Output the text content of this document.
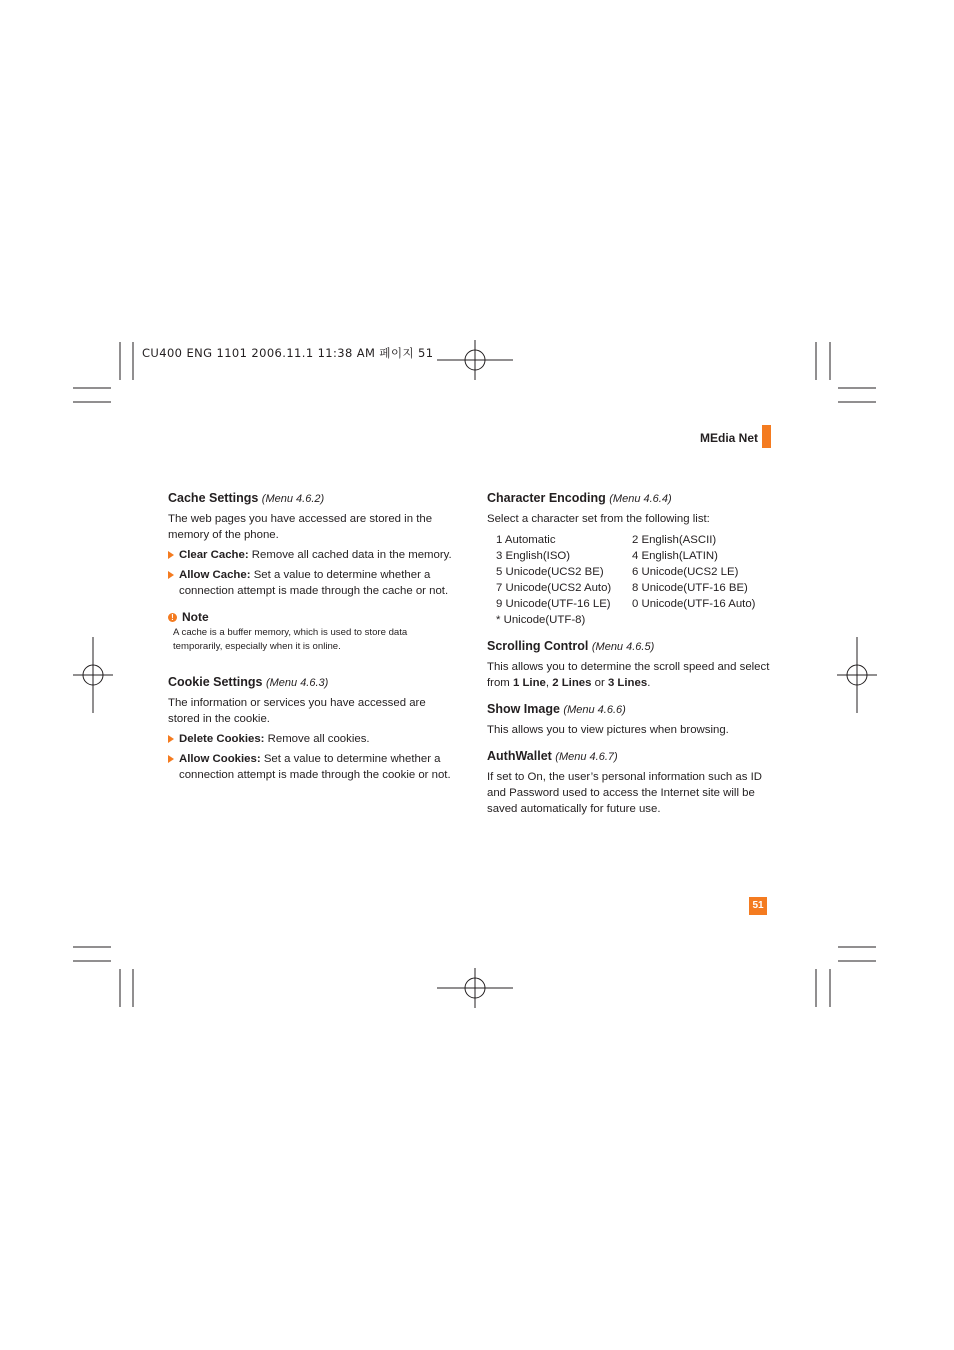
CU400 ENG 1101 2006.11.1 11:38 AM 페이지 51
MEdia Net
Cache Settings (Menu 4.6.2)

The web pages you have accessed are stored in the memory of the phone.

Clear Cache: Remove all cached data in the memory.
Allow Cache: Set a value to determine whether a connection attempt is made through the cache or not.
! Note
A cache is a buffer memory, which is used to store data temporarily, especially when it is online.
Cookie Settings (Menu 4.6.3)

The information or services you have accessed are stored in the cookie.

Delete Cookies: Remove all cookies.
Allow Cookies: Set a value to determine whether a connection attempt is made through the cookie or not.
Character Encoding (Menu 4.6.4)

Select a character set from the following list:

1 Automatic	2 English(ASCII)
3 English(ISO)	4 English(LATIN)
5 Unicode(UCS2 BE)	6 Unicode(UCS2 LE)
7 Unicode(UCS2 Auto)	8 Unicode(UTF-16 BE)
9 Unicode(UTF-16 LE)	0 Unicode(UTF-16 Auto)
* Unicode(UTF-8)
Scrolling Control (Menu 4.6.5)

This allows you to determine the scroll speed and select from 1 Line, 2 Lines or 3 Lines.

Show Image (Menu 4.6.6)

This allows you to view pictures when browsing.

AuthWallet (Menu 4.6.7)

If set to On, the user’s personal information such as ID and Password used to access the Internet site will be saved automatically for future use.

51
